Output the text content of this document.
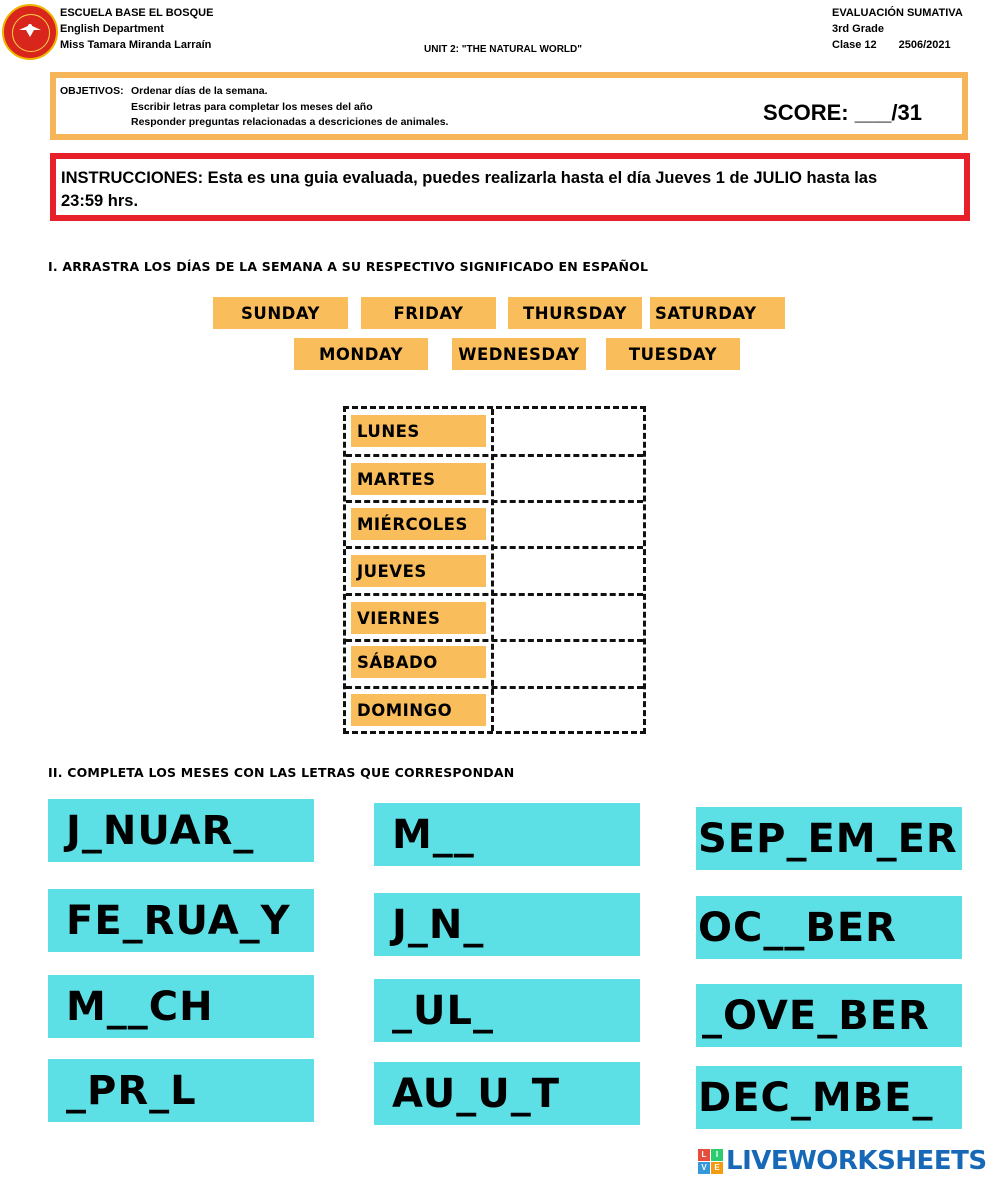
ESCUELA BASE EL BOSQUE
English Department
Miss Tamara Miranda Larraín	UNIT 2: "THE NATURAL WORLD"
EVALUACIÓN SUMATIVA
3rd Grade
Clase 12 2506/2021
OBJETIVOS: Ordenar días de la semana.
Escribir letras para completar los meses del año
Responder preguntas relacionadas a descriciones de animales.	SCORE: ___/31
INSTRUCCIONES: Esta es una guia evaluada, puedes realizarla hasta el día Jueves 1 de JULIO hasta las 23:59 hrs.
I. ARRASTRA LOS DÍAS DE LA SEMANA A SU RESPECTIVO SIGNIFICADO EN ESPAÑOL
SUNDAY	FRIDAY	THURSDAY	SATURDAY
MONDAY	WEDNESDAY	TUESDAY
LUNES
MARTES
MIÉRCOLES
JUEVES
VIERNES
SÁBADO
DOMINGO
II. COMPLETA LOS MESES CON LAS LETRAS QUE CORRESPONDAN
J_NUAR_
FE_RUA_Y
M__CH
_PR_L
M__
J_N_
_UL_
AU_U_T
SEP_EM_ER
OC__BER
_OVE_BER
DEC_MBE_
L	I
V E LIVEWORKSHEETS
